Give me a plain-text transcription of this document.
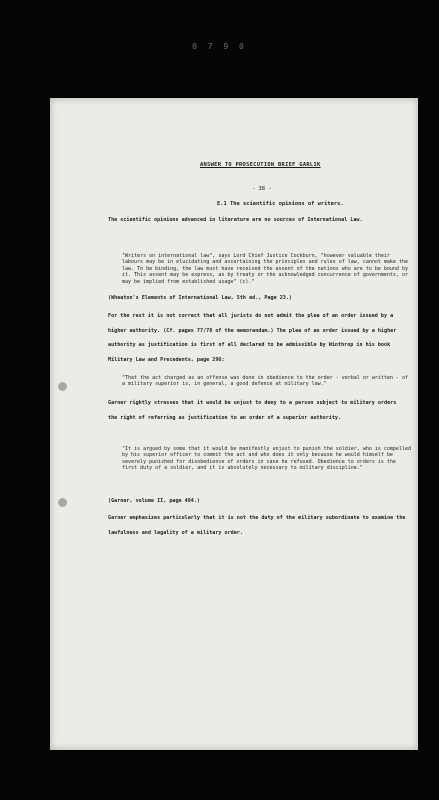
0 7 9 0
ANSWER TO PROSECUTION BRIEF GARLIK
- 38 -
E.1 The scientific opinions of writers.
The scientific opinions advanced in literature are no sources of International Law.
"Writers on international law", says Lord Chief Justice Cockburn, "however valuable their labours may be in elucidating and ascertaining the principles and rules of law, cannot make the law. To be binding, the law must have received the assent of the nations who are to be bound by it. This assent may be express, as by treaty or the acknowledged concurrence of governments, or may be implied from established usage" (c)."
(Wheaton's Elements of International Law, 5th ed., Page 23.)
For the rest it is not correct that all jurists do not admit the plea of an order issued by a higher authority. (Cf. pages 77/78 of the memorandum.) The plea of an order issued by a higher authority as justification is first of all declared to be admissible by Winthrop in his book Military Law and Precedents, page 296:
"That the act charged as an offense was done in obedience to the order - verbal or written - of a military superior is, in general, a good defence at military law."
Garner rightly stresses that it would be unjust to deny to a person subject to military orders the right of referring as justification to an order of a superior authority.
"It is argued by some that it would be manifestly unjust to punish the soldier, who is compelled by his superior officer to commit the act and who does it only because he would himself be severely punished for disobedience of orders in case he refused. Obedience to orders is the first duty of a soldier, and it is absolutely necessary to military discipline."
(Garner, volume II, page 484.)
Garner emphasizes particularly that it is not the duty of the military subordinate to examine the lawfulness and legality of a military order.
